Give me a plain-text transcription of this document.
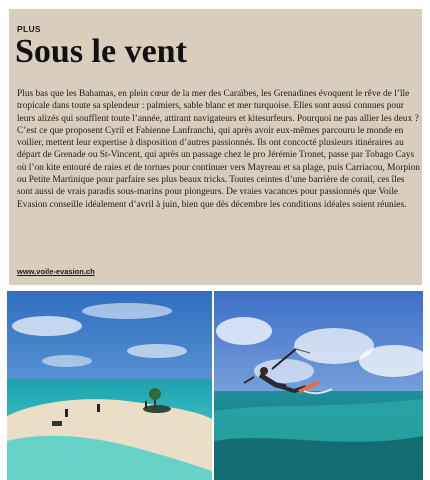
PLUS
Sous le vent

Plus bas que les Bahamas, en plein cœur de la mer des Caraïbes, les Grenadines évoquent le rêve de l’île tropicale dans toute sa splendeur : palmiers, sable blanc et mer turquoise. Elles sont aussi connues pour leurs alizés qui soufflent toute l’année, attirant navigateurs et kitesurfeurs. Pourquoi ne pas allier les deux ? C’est ce que proposent Cyril et Fabienne Lanfranchi, qui après avoir eux-mêmes parcouru le monde en voilier, mettent leur expertise à disposition d’autres passionnés. Ils ont concocté plusieurs itinéraires au départ de Grenade ou St-Vincent, qui après un passage chez le pro Jérémie Tronet, passe par Tobago Cays où l’on kite entouré de raies et de tortues pour continuer vers Mayreau et sa plage, puis Carriacou, Morpion ou Petite Martinique pour parfaire ses plus beaux tricks. Toutes ceintes d’une barrière de corail, ces îles sont aussi de vrais paradis sous-marins pour plongeurs. De vraies vacances pour passionnés que Voile Evasion conseille idéalement d’avril à juin, bien que dès décembre les conditions idéales soient réunies.

www.voile-evasion.ch
